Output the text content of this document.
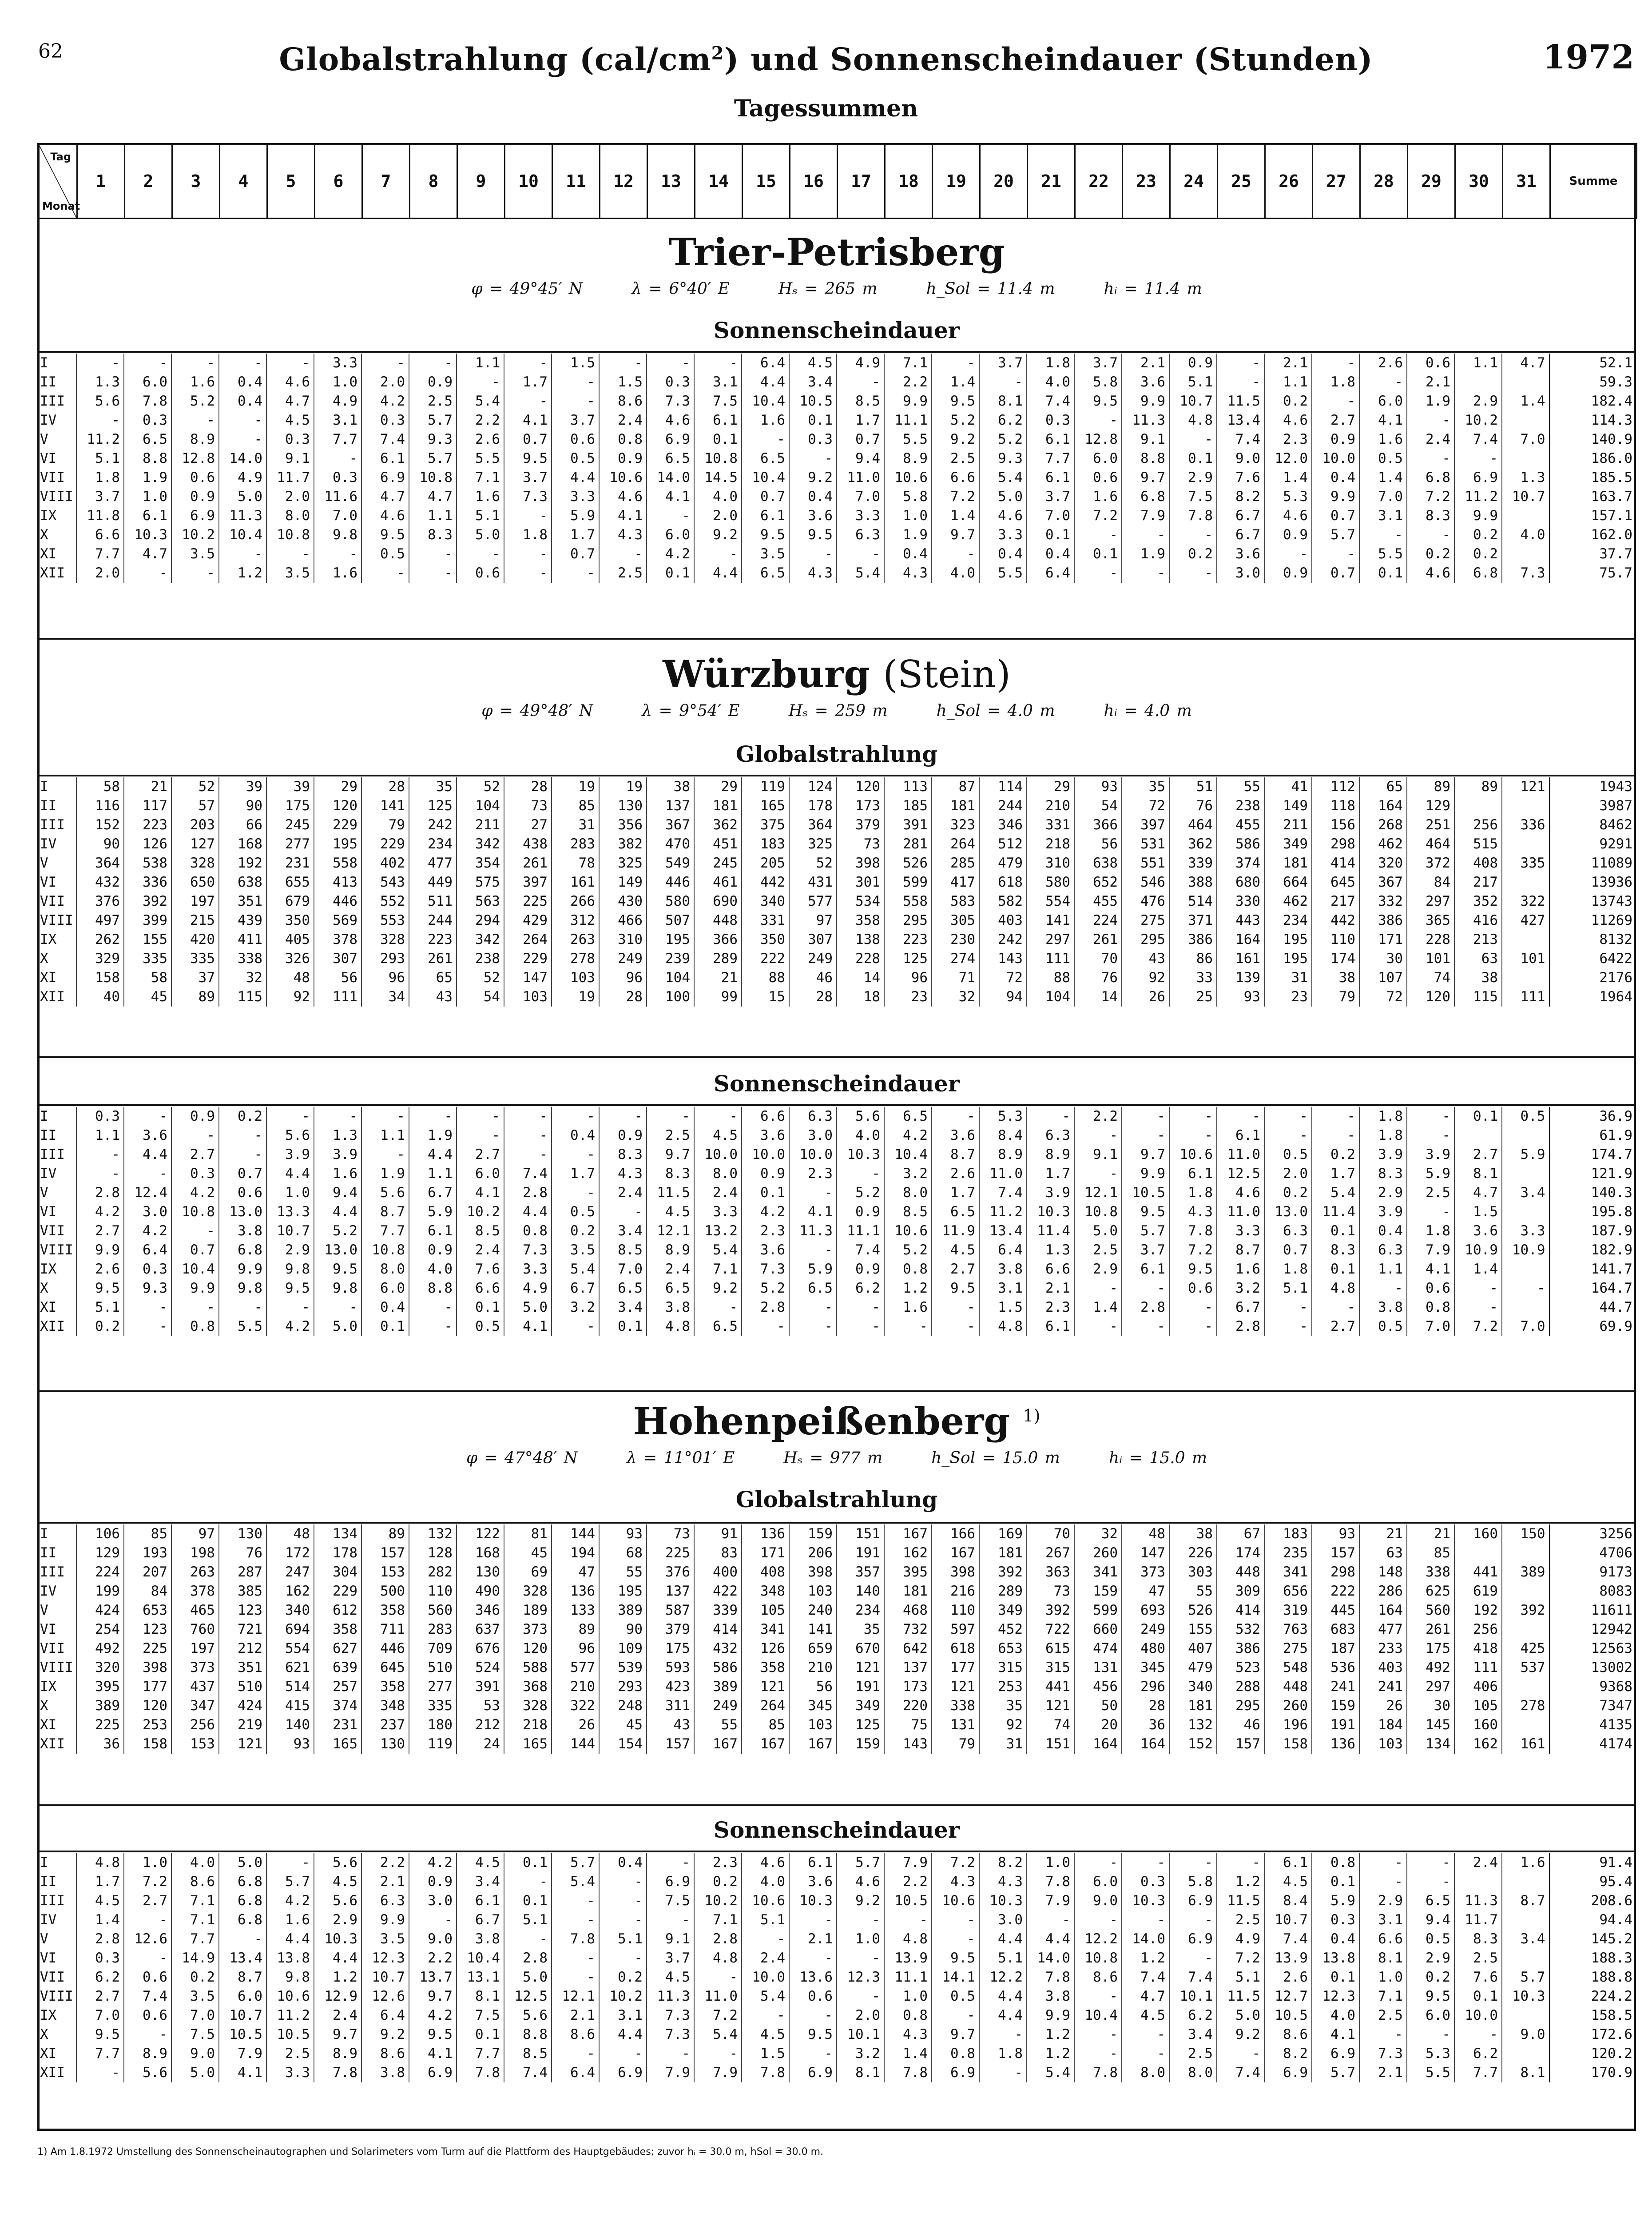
62	Globalstrahlung $(cal/cm^2)$ und Sonnenscheindauer (Stunden)	1972
Tagessummen
Tag
Monat
	1	2	3	4	5	6	7	8	9	10	11	12	13	14	15	16	17	18	19	20	21	22	23	24	25	26	27	28	29	30	31	Summe
Trier-Petrisberg
φ = 49°45′ N	λ = 6°40′ E	Hₛ = 265 m	h_Sol = 11.4 m	hᵢ = 11.4 m
Sonnenscheindauer
I	-	-	-	-	-	3.3	-	-	1.1	-	1.5	-	-	-	6.4	4.5	4.9	7.1	-	3.7	1.8	3.7	2.1	0.9	-	2.1	-	2.6	0.6	1.1	4.7	52.1
II	1.3	6.0	1.6	0.4	4.6	1.0	2.0	0.9	-	1.7	-	1.5	0.3	3.1	4.4	3.4	-	2.2	1.4	-	4.0	5.8	3.6	5.1	-	1.1	1.8	-	2.1			59.3
III	5.6	7.8	5.2	0.4	4.7	4.9	4.2	2.5	5.4	-	-	8.6	7.3	7.5	10.4	10.5	8.5	9.9	9.5	8.1	7.4	9.5	9.9	10.7	11.5	0.2	-	6.0	1.9	2.9	1.4	182.4
IV	-	0.3	-	-	4.5	3.1	0.3	5.7	2.2	4.1	3.7	2.4	4.6	6.1	1.6	0.1	1.7	11.1	5.2	6.2	0.3	-	11.3	4.8	13.4	4.6	2.7	4.1	-	10.2		114.3
V	11.2	6.5	8.9	-	0.3	7.7	7.4	9.3	2.6	0.7	0.6	0.8	6.9	0.1	-	0.3	0.7	5.5	9.2	5.2	6.1	12.8	9.1	-	7.4	2.3	0.9	1.6	2.4	7.4	7.0	140.9
VI	5.1	8.8	12.8	14.0	9.1	-	6.1	5.7	5.5	9.5	0.5	0.9	6.5	10.8	6.5	-	9.4	8.9	2.5	9.3	7.7	6.0	8.8	0.1	9.0	12.0	10.0	0.5	-	-		186.0
VII	1.8	1.9	0.6	4.9	11.7	0.3	6.9	10.8	7.1	3.7	4.4	10.6	14.0	14.5	10.4	9.2	11.0	10.6	6.6	5.4	6.1	0.6	9.7	2.9	7.6	1.4	0.4	1.4	6.8	6.9	1.3	185.5
VIII	3.7	1.0	0.9	5.0	2.0	11.6	4.7	4.7	1.6	7.3	3.3	4.6	4.1	4.0	0.7	0.4	7.0	5.8	7.2	5.0	3.7	1.6	6.8	7.5	8.2	5.3	9.9	7.0	7.2	11.2	10.7	163.7
IX	11.8	6.1	6.9	11.3	8.0	7.0	4.6	1.1	5.1	-	5.9	4.1	-	2.0	6.1	3.6	3.3	1.0	1.4	4.6	7.0	7.2	7.9	7.8	6.7	4.6	0.7	3.1	8.3	9.9		157.1
X	6.6	10.3	10.2	10.4	10.8	9.8	9.5	8.3	5.0	1.8	1.7	4.3	6.0	9.2	9.5	9.5	6.3	1.9	9.7	3.3	0.1	-	-	-	6.7	0.9	5.7	-	-	0.2	4.0	162.0
XI	7.7	4.7	3.5	-	-	-	0.5	-	-	-	0.7	-	4.2	-	3.5	-	-	0.4	-	0.4	0.4	0.1	1.9	0.2	3.6	-	-	5.5	0.2	0.2		37.7
XII	2.0	-	-	1.2	3.5	1.6	-	-	0.6	-	-	2.5	0.1	4.4	6.5	4.3	5.4	4.3	4.0	5.5	6.4	-	-	-	3.0	0.9	0.7	0.1	4.6	6.8	7.3	75.7
Würzburg (Stein)
φ = 49°48′ N	λ = 9°54′ E	Hₛ = 259 m	h_Sol = 4.0 m	hᵢ = 4.0 m
Globalstrahlung
I	58	21	52	39	39	29	28	35	52	28	19	19	38	29	119	124	120	113	87	114	29	93	35	51	55	41	112	65	89	89	121	1943
II	116	117	57	90	175	120	141	125	104	73	85	130	137	181	165	178	173	185	181	244	210	54	72	76	238	149	118	164	129			3987
III	152	223	203	66	245	229	79	242	211	27	31	356	367	362	375	364	379	391	323	346	331	366	397	464	455	211	156	268	251	256	336	8462
IV	90	126	127	168	277	195	229	234	342	438	283	382	470	451	183	325	73	281	264	512	218	56	531	362	586	349	298	462	464	515		9291
V	364	538	328	192	231	558	402	477	354	261	78	325	549	245	205	52	398	526	285	479	310	638	551	339	374	181	414	320	372	408	335	11089
VI	432	336	650	638	655	413	543	449	575	397	161	149	446	461	442	431	301	599	417	618	580	652	546	388	680	664	645	367	84	217		13936
VII	376	392	197	351	679	446	552	511	563	225	266	430	580	690	340	577	534	558	583	582	554	455	476	514	330	462	217	332	297	352	322	13743
VIII	497	399	215	439	350	569	553	244	294	429	312	466	507	448	331	97	358	295	305	403	141	224	275	371	443	234	442	386	365	416	427	11269
IX	262	155	420	411	405	378	328	223	342	264	263	310	195	366	350	307	138	223	230	242	297	261	295	386	164	195	110	171	228	213		8132
X	329	335	335	338	326	307	293	261	238	229	278	249	239	289	222	249	228	125	274	143	111	70	43	86	161	195	174	30	101	63	101	6422
XI	158	58	37	32	48	56	96	65	52	147	103	96	104	21	88	46	14	96	71	72	88	76	92	33	139	31	38	107	74	38		2176
XII	40	45	89	115	92	111	34	43	54	103	19	28	100	99	15	28	18	23	32	94	104	14	26	25	93	23	79	72	120	115	111	1964
Sonnenscheindauer
I	0.3	-	0.9	0.2	-	-	-	-	-	-	-	-	-	-	6.6	6.3	5.6	6.5	-	5.3	-	2.2	-	-	-	-	-	1.8	-	0.1	0.5	36.9
II	1.1	3.6	-	-	5.6	1.3	1.1	1.9	-	-	0.4	0.9	2.5	4.5	3.6	3.0	4.0	4.2	3.6	8.4	6.3	-	-	-	6.1	-	-	1.8	-			61.9
III	-	4.4	2.7	-	3.9	3.9	-	4.4	2.7	-	-	8.3	9.7	10.0	10.0	10.0	10.3	10.4	8.7	8.9	8.9	9.1	9.7	10.6	11.0	0.5	0.2	3.9	3.9	2.7	5.9	174.7
IV	-	-	0.3	0.7	4.4	1.6	1.9	1.1	6.0	7.4	1.7	4.3	8.3	8.0	0.9	2.3	-	3.2	2.6	11.0	1.7	-	9.9	6.1	12.5	2.0	1.7	8.3	5.9	8.1		121.9
V	2.8	12.4	4.2	0.6	1.0	9.4	5.6	6.7	4.1	2.8	-	2.4	11.5	2.4	0.1	-	5.2	8.0	1.7	7.4	3.9	12.1	10.5	1.8	4.6	0.2	5.4	2.9	2.5	4.7	3.4	140.3
VI	4.2	3.0	10.8	13.0	13.3	4.4	8.7	5.9	10.2	4.4	0.5	-	4.5	3.3	4.2	4.1	0.9	8.5	6.5	11.2	10.3	10.8	9.5	4.3	11.0	13.0	11.4	3.9	-	1.5		195.8
VII	2.7	4.2	-	3.8	10.7	5.2	7.7	6.1	8.5	0.8	0.2	3.4	12.1	13.2	2.3	11.3	11.1	10.6	11.9	13.4	11.4	5.0	5.7	7.8	3.3	6.3	0.1	0.4	1.8	3.6	3.3	187.9
VIII	9.9	6.4	0.7	6.8	2.9	13.0	10.8	0.9	2.4	7.3	3.5	8.5	8.9	5.4	3.6	-	7.4	5.2	4.5	6.4	1.3	2.5	3.7	7.2	8.7	0.7	8.3	6.3	7.9	10.9	10.9	182.9
IX	2.6	0.3	10.4	9.9	9.8	9.5	8.0	4.0	7.6	3.3	5.4	7.0	2.4	7.1	7.3	5.9	0.9	0.8	2.7	3.8	6.6	2.9	6.1	9.5	1.6	1.8	0.1	1.1	4.1	1.4		141.7
X	9.5	9.3	9.9	9.8	9.5	9.8	6.0	8.8	6.6	4.9	6.7	6.5	6.5	9.2	5.2	6.5	6.2	1.2	9.5	3.1	2.1	-	-	0.6	3.2	5.1	4.8	-	0.6	-	-	164.7
XI	5.1	-	-	-	-	-	0.4	-	0.1	5.0	3.2	3.4	3.8	-	2.8	-	-	1.6	-	1.5	2.3	1.4	2.8	-	6.7	-	-	3.8	0.8	-		44.7
XII	0.2	-	0.8	5.5	4.2	5.0	0.1	-	0.5	4.1	-	0.1	4.8	6.5	-	-	-	-	-	4.8	6.1	-	-	-	2.8	-	2.7	0.5	7.0	7.2	7.0	69.9
Hohenpeißenberg $^{1)}$
φ = 47°48′ N	λ = 11°01′ E	Hₛ = 977 m	h_Sol = 15.0 m	hᵢ = 15.0 m
Globalstrahlung
I	106	85	97	130	48	134	89	132	122	81	144	93	73	91	136	159	151	167	166	169	70	32	48	38	67	183	93	21	21	160	150	3256
II	129	193	198	76	172	178	157	128	168	45	194	68	225	83	171	206	191	162	167	181	267	260	147	226	174	235	157	63	85			4706
III	224	207	263	287	247	304	153	282	130	69	47	55	376	400	408	398	357	395	398	392	363	341	373	303	448	341	298	148	338	441	389	9173
IV	199	84	378	385	162	229	500	110	490	328	136	195	137	422	348	103	140	181	216	289	73	159	47	55	309	656	222	286	625	619		8083
V	424	653	465	123	340	612	358	560	346	189	133	389	587	339	105	240	234	468	110	349	392	599	693	526	414	319	445	164	560	192	392	11611
VI	254	123	760	721	694	358	711	283	637	373	89	90	379	414	341	141	35	732	597	452	722	660	249	155	532	763	683	477	261	256		12942
VII	492	225	197	212	554	627	446	709	676	120	96	109	175	432	126	659	670	642	618	653	615	474	480	407	386	275	187	233	175	418	425	12563
VIII	320	398	373	351	621	639	645	510	524	588	577	539	593	586	358	210	121	137	177	315	315	131	345	479	523	548	536	403	492	111	537	13002
IX	395	177	437	510	514	257	358	277	391	368	210	293	423	389	121	56	191	173	121	253	441	456	296	340	288	448	241	241	297	406		9368
X	389	120	347	424	415	374	348	335	53	328	322	248	311	249	264	345	349	220	338	35	121	50	28	181	295	260	159	26	30	105	278	7347
XI	225	253	256	219	140	231	237	180	212	218	26	45	43	55	85	103	125	75	131	92	74	20	36	132	46	196	191	184	145	160		4135
XII	36	158	153	121	93	165	130	119	24	165	144	154	157	167	167	167	159	143	79	31	151	164	164	152	157	158	136	103	134	162	161	4174
Sonnenscheindauer
I	4.8	1.0	4.0	5.0	-	5.6	2.2	4.2	4.5	0.1	5.7	0.4	-	2.3	4.6	6.1	5.7	7.9	7.2	8.2	1.0	-	-	-	-	6.1	0.8	-	-	2.4	1.6	91.4
II	1.7	7.2	8.6	6.8	5.7	4.5	2.1	0.9	3.4	-	5.4	-	6.9	0.2	4.0	3.6	4.6	2.2	4.3	4.3	7.8	6.0	0.3	5.8	1.2	4.5	0.1	-	-			95.4
III	4.5	2.7	7.1	6.8	4.2	5.6	6.3	3.0	6.1	0.1	-	-	7.5	10.2	10.6	10.3	9.2	10.5	10.6	10.3	7.9	9.0	10.3	6.9	11.5	8.4	5.9	2.9	6.5	11.3	8.7	208.6
IV	1.4	-	7.1	6.8	1.6	2.9	9.9	-	6.7	5.1	-	-	-	7.1	5.1	-	-	-	-	3.0	-	-	-	-	2.5	10.7	0.3	3.1	9.4	11.7		94.4
V	2.8	12.6	7.7	-	4.4	10.3	3.5	9.0	3.8	-	7.8	5.1	9.1	2.8	-	2.1	1.0	4.8	-	4.4	4.4	12.2	14.0	6.9	4.9	7.4	0.4	6.6	0.5	8.3	3.4	145.2
VI	0.3	-	14.9	13.4	13.8	4.4	12.3	2.2	10.4	2.8	-	-	3.7	4.8	2.4	-	-	13.9	9.5	5.1	14.0	10.8	1.2	-	7.2	13.9	13.8	8.1	2.9	2.5		188.3
VII	6.2	0.6	0.2	8.7	9.8	1.2	10.7	13.7	13.1	5.0	-	0.2	4.5	-	10.0	13.6	12.3	11.1	14.1	12.2	7.8	8.6	7.4	7.4	5.1	2.6	0.1	1.0	0.2	7.6	5.7	188.8
VIII	2.7	7.4	3.5	6.0	10.6	12.9	12.6	9.7	8.1	12.5	12.1	10.2	11.3	11.0	5.4	0.6	-	1.0	0.5	4.4	3.8	-	4.7	10.1	11.5	12.7	12.3	7.1	9.5	0.1	10.3	224.2
IX	7.0	0.6	7.0	10.7	11.2	2.4	6.4	4.2	7.5	5.6	2.1	3.1	7.3	7.2	-	-	2.0	0.8	-	4.4	9.9	10.4	4.5	6.2	5.0	10.5	4.0	2.5	6.0	10.0		158.5
X	9.5	-	7.5	10.5	10.5	9.7	9.2	9.5	0.1	8.8	8.6	4.4	7.3	5.4	4.5	9.5	10.1	4.3	9.7	-	1.2	-	-	3.4	9.2	8.6	4.1	-	-	-	9.0	172.6
XI	7.7	8.9	9.0	7.9	2.5	8.9	8.6	4.1	7.7	8.5	-	-	-	-	1.5	-	3.2	1.4	0.8	1.8	1.2	-	-	2.5	-	8.2	6.9	7.3	5.3	6.2		120.2
XII	-	5.6	5.0	4.1	3.3	7.8	3.8	6.9	7.8	7.4	6.4	6.9	7.9	7.9	7.8	6.9	8.1	7.8	6.9	-	5.4	7.8	8.0	8.0	7.4	6.9	5.7	2.1	5.5	7.7	8.1	170.9
1) Am 1.8.1972 Umstellung des Sonnenscheinautographen und Solarimeters vom Turm auf die Plattform des Hauptgebäudes; zuvor hᵢ = 30.0 m, hSol = 30.0 m.
